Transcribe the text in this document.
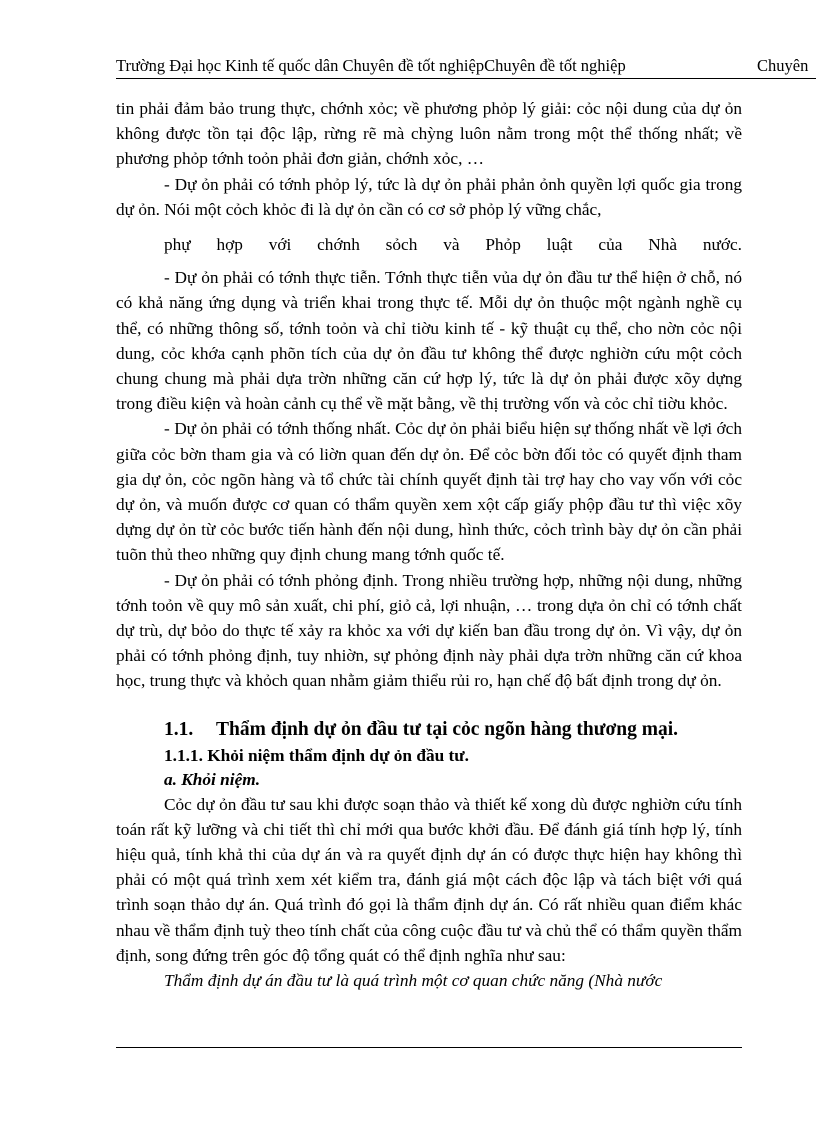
Trường Đại học Kinh tế quốc dân Chuyên đề tốt nghiệpChuyên đề tốt nghiệp	Chuyên

tin phải đảm bảo trung thực, chớnh xỏc; về phương phỏp lý giải: cỏc nội dung của dự ỏn không được tồn tại độc lập, rừng rẽ mà chỳng luôn nằm trong một thể thống nhất; về phương phỏp tớnh toỏn phải đơn giản, chớnh xỏc, …

- Dự ỏn phải có tớnh phỏp lý, tức là dự ỏn phải phản ỏnh quyền lợi quốc gia trong dự ỏn. Nói một cỏch khỏc đi là dự ỏn cần có cơ sở phỏp lý vững chắc,

phự hợp với chớnh sỏch và Phỏp luật của Nhà nước.

- Dự ỏn phải có tớnh thực tiễn. Tớnh thực tiễn vủa dự ỏn đầu tư thể hiện ở chỗ, nó có khả năng ứng dụng và triển khai trong thực tế. Mỗi dự ỏn thuộc một ngành nghề cụ thể, có những thông số, tớnh toỏn và chỉ tiờu kinh tế - kỹ thuật cụ thể, cho nờn cỏc nội dung, cỏc khớa cạnh phõn tích của dự ỏn đầu tư không thể được nghiờn cứu một cỏch chung chung mà phải dựa trờn những căn cứ hợp lý, tức là dự ỏn phải được xõy dựng trong điều kiện và hoàn cảnh cụ thể về mặt bằng, về thị trường vốn và cỏc chỉ tiờu khỏc.

- Dự ỏn phải có tớnh thống nhất. Cỏc dự ỏn phải biểu hiện sự thống nhất về lợi ớch giữa cỏc bờn tham gia và có liờn quan đến dự ỏn. Để cỏc bờn đối tỏc có quyết định tham gia dự ỏn, cỏc ngõn hàng và tổ chức tài chính quyết định tài trợ hay cho vay vốn với cỏc dự ỏn, và muốn được cơ quan có thẩm quyền xem xột cấp giấy phộp đầu tư thì việc xõy dựng dự ỏn từ cỏc bước tiến hành đến nội dung, hình thức, cỏch trình bày dự ỏn cần phải tuõn thủ theo những quy định chung mang tớnh quốc tế.

- Dự ỏn phải có tớnh phỏng định. Trong nhiều trường hợp, những nội dung, những tớnh toỏn về quy mô sản xuất, chi phí, giỏ cả, lợi nhuận, … trong dựa ỏn chỉ có tớnh chất dự trù, dự bỏo do thực tế xảy ra khỏc xa với dự kiến ban đầu trong dự ỏn. Vì vậy, dự ỏn phải có tớnh phỏng định, tuy nhiờn, sự phỏng định này phải dựa trờn những căn cứ khoa học, trung thực và khỏch quan nhằm giảm thiểu rủi ro, hạn chế độ bất định trong dự ỏn.

1.1. Thẩm định dự ỏn đầu tư tại cỏc ngõn hàng thương mại.
1.1.1. Khỏi niệm thẩm định dự ỏn đầu tư.
a. Khỏi niệm.

Cỏc dự ỏn đầu tư sau khi được soạn thảo và thiết kế xong dù được nghiờn cứu tính toán rất kỹ lưỡng và chi tiết thì chỉ mới qua bước khởi đầu. Để đánh giá tính hợp lý, tính hiệu quả, tính khả thi của dự án và ra quyết định dự án có được thực hiện hay không thì phải có một quá trình xem xét kiểm tra, đánh giá một cách độc lập và tách biệt với quá trình soạn thảo dự án. Quá trình đó gọi là thẩm định dự án. Có rất nhiều quan điểm khác nhau về thẩm định tuỳ theo tính chất của công cuộc đầu tư và chủ thể có thẩm quyền thẩm định, song đứng trên góc độ tổng quát có thể định nghĩa như sau:

Thẩm định dự án đầu tư là quá trình một cơ quan chức năng (Nhà nước
